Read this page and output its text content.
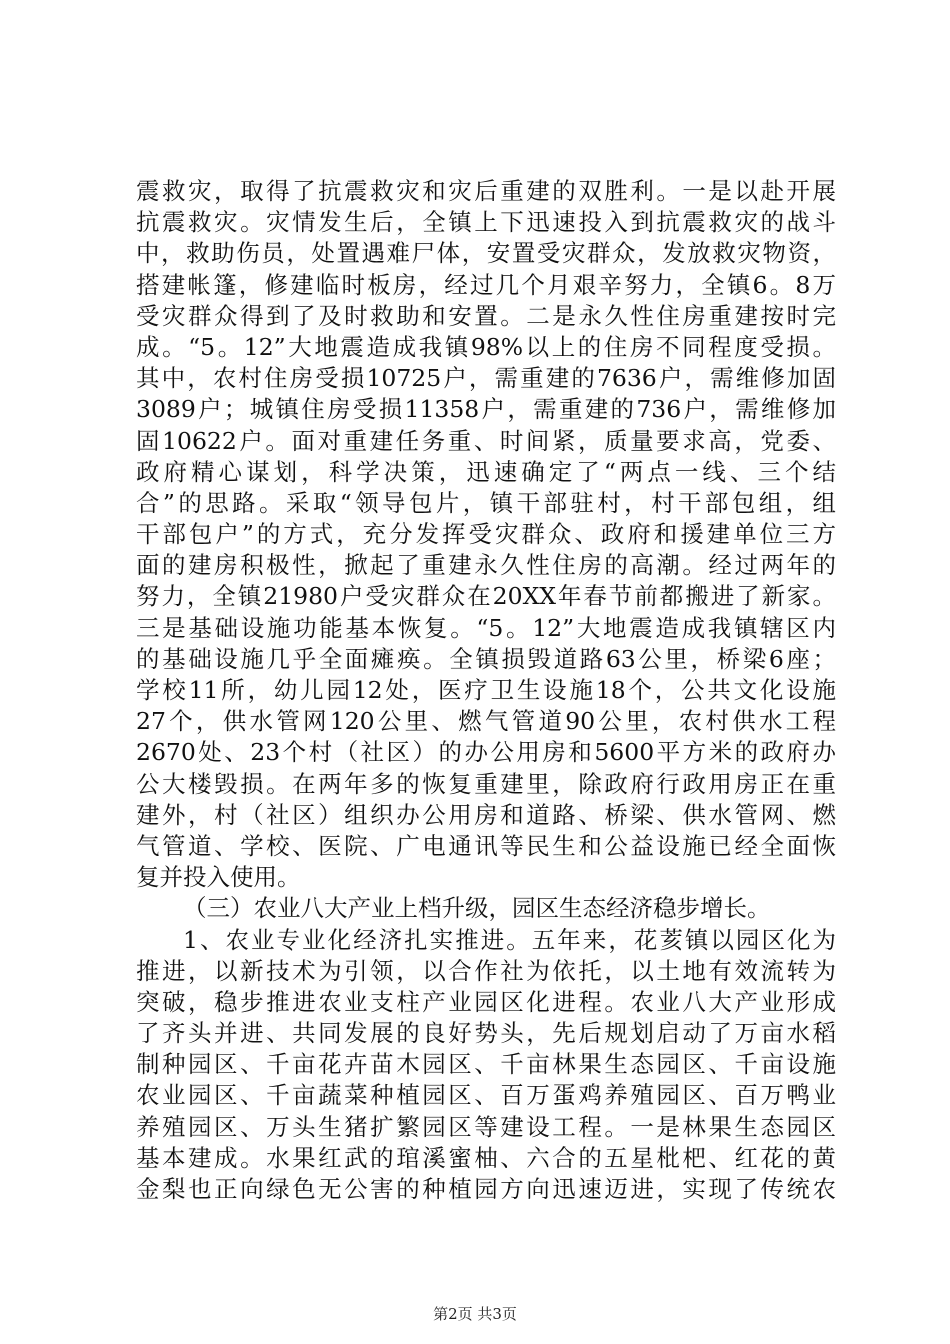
震救灾，取得了抗震救灾和灾后重建的双胜利。一是以赴开展
抗震救灾。灾情发生后，全镇上下迅速投入到抗震救灾的战斗
中，救助伤员，处置遇难尸体，安置受灾群众，发放救灾物资，
搭建帐篷，修建临时板房，经过几个月艰辛努力，全镇6。8万
受灾群众得到了及时救助和安置。二是永久性住房重建按时完
成。“5。12”大地震造成我镇98%以上的住房不同程度受损。
其中，农村住房受损10725户，需重建的7636户，需维修加固
3089户；城镇住房受损11358户，需重建的736户，需维修加
固10622户。面对重建任务重、时间紧，质量要求高，党委、
政府精心谋划，科学决策，迅速确定了“两点一线、三个结
合”的思路。采取“领导包片，镇干部驻村，村干部包组，组
干部包户”的方式，充分发挥受灾群众、政府和援建单位三方
面的建房积极性，掀起了重建永久性住房的高潮。经过两年的
努力，全镇21980户受灾群众在20XX年春节前都搬进了新家。
三是基础设施功能基本恢复。“5。12”大地震造成我镇辖区内
的基础设施几乎全面瘫痪。全镇损毁道路63公里，桥梁6座；
学校11所，幼儿园12处，医疗卫生设施18个，公共文化设施
27个，供水管网120公里、燃气管道90公里，农村供水工程
2670处、23个村（社区）的办公用房和5600平方米的政府办
公大楼毁损。在两年多的恢复重建里，除政府行政用房正在重
建外，村（社区）组织办公用房和道路、桥梁、供水管网、燃
气管道、学校、医院、广电通讯等民生和公益设施已经全面恢
复并投入使用。
（三）农业八大产业上档升级，园区生态经济稳步增长。
1、农业专业化经济扎实推进。五年来，花荄镇以园区化为
推进，以新技术为引领，以合作社为依托，以土地有效流转为
突破，稳步推进农业支柱产业园区化进程。农业八大产业形成
了齐头并进、共同发展的良好势头，先后规划启动了万亩水稻
制种园区、千亩花卉苗木园区、千亩林果生态园区、千亩设施
农业园区、千亩蔬菜种植园区、百万蛋鸡养殖园区、百万鸭业
养殖园区、万头生猪扩繁园区等建设工程。一是林果生态园区
基本建成。水果红武的琯溪蜜柚、六合的五星枇杷、红花的黄
金梨也正向绿色无公害的种植园方向迅速迈进，实现了传统农
第2页 共3页
